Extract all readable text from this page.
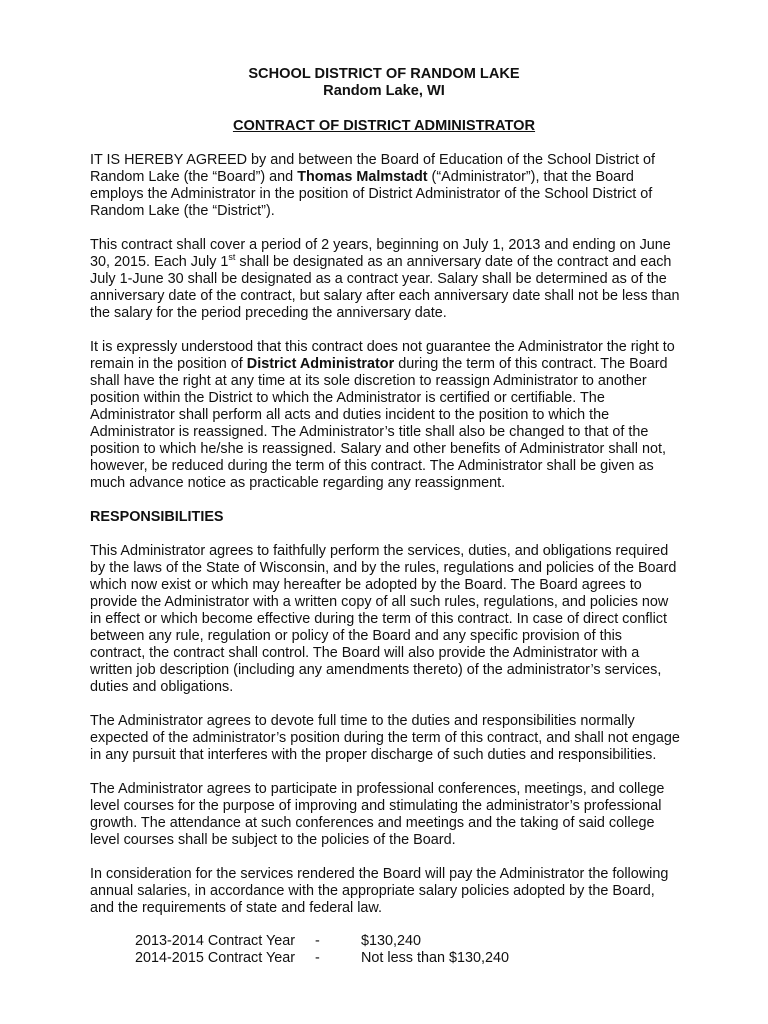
SCHOOL DISTRICT OF RANDOM LAKE
Random Lake, WI
CONTRACT OF DISTRICT ADMINISTRATOR

IT IS HEREBY AGREED by and between the Board of Education of the School District of Random Lake (the “Board”) and Thomas Malmstadt (“Administrator”), that the Board employs the Administrator in the position of District Administrator of the School District of Random Lake (the “District”).

This contract shall cover a period of 2 years, beginning on July 1, 2013 and ending on June 30, 2015. Each July 1st shall be designated as an anniversary date of the contract and each July 1-June 30 shall be designated as a contract year. Salary shall be determined as of the anniversary date of the contract, but salary after each anniversary date shall not be less than the salary for the period preceding the anniversary date.

It is expressly understood that this contract does not guarantee the Administrator the right to remain in the position of District Administrator during the term of this contract. The Board shall have the right at any time at its sole discretion to reassign Administrator to another position within the District to which the Administrator is certified or certifiable. The Administrator shall perform all acts and duties incident to the position to which the Administrator is reassigned. The Administrator’s title shall also be changed to that of the position to which he/she is reassigned. Salary and other benefits of Administrator shall not, however, be reduced during the term of this contract. The Administrator shall be given as much advance notice as practicable regarding any reassignment.

RESPONSIBILITIES

This Administrator agrees to faithfully perform the services, duties, and obligations required by the laws of the State of Wisconsin, and by the rules, regulations and policies of the Board which now exist or which may hereafter be adopted by the Board. The Board agrees to provide the Administrator with a written copy of all such rules, regulations, and policies now in effect or which become effective during the term of this contract. In case of direct conflict between any rule, regulation or policy of the Board and any specific provision of this contract, the contract shall control. The Board will also provide the Administrator with a written job description (including any amendments thereto) of the administrator’s services, duties and obligations.

The Administrator agrees to devote full time to the duties and responsibilities normally expected of the administrator’s position during the term of this contract, and shall not engage in any pursuit that interferes with the proper discharge of such duties and responsibilities.

The Administrator agrees to participate in professional conferences, meetings, and college level courses for the purpose of improving and stimulating the administrator’s professional growth. The attendance at such conferences and meetings and the taking of said college level courses shall be subject to the policies of the Board.

In consideration for the services rendered the Board will pay the Administrator the following annual salaries, in accordance with the appropriate salary policies adopted by the Board, and the requirements of state and federal law.

2013-2014 Contract Year	-	$130,240
2014-2015 Contract Year	-	Not less than $130,240
